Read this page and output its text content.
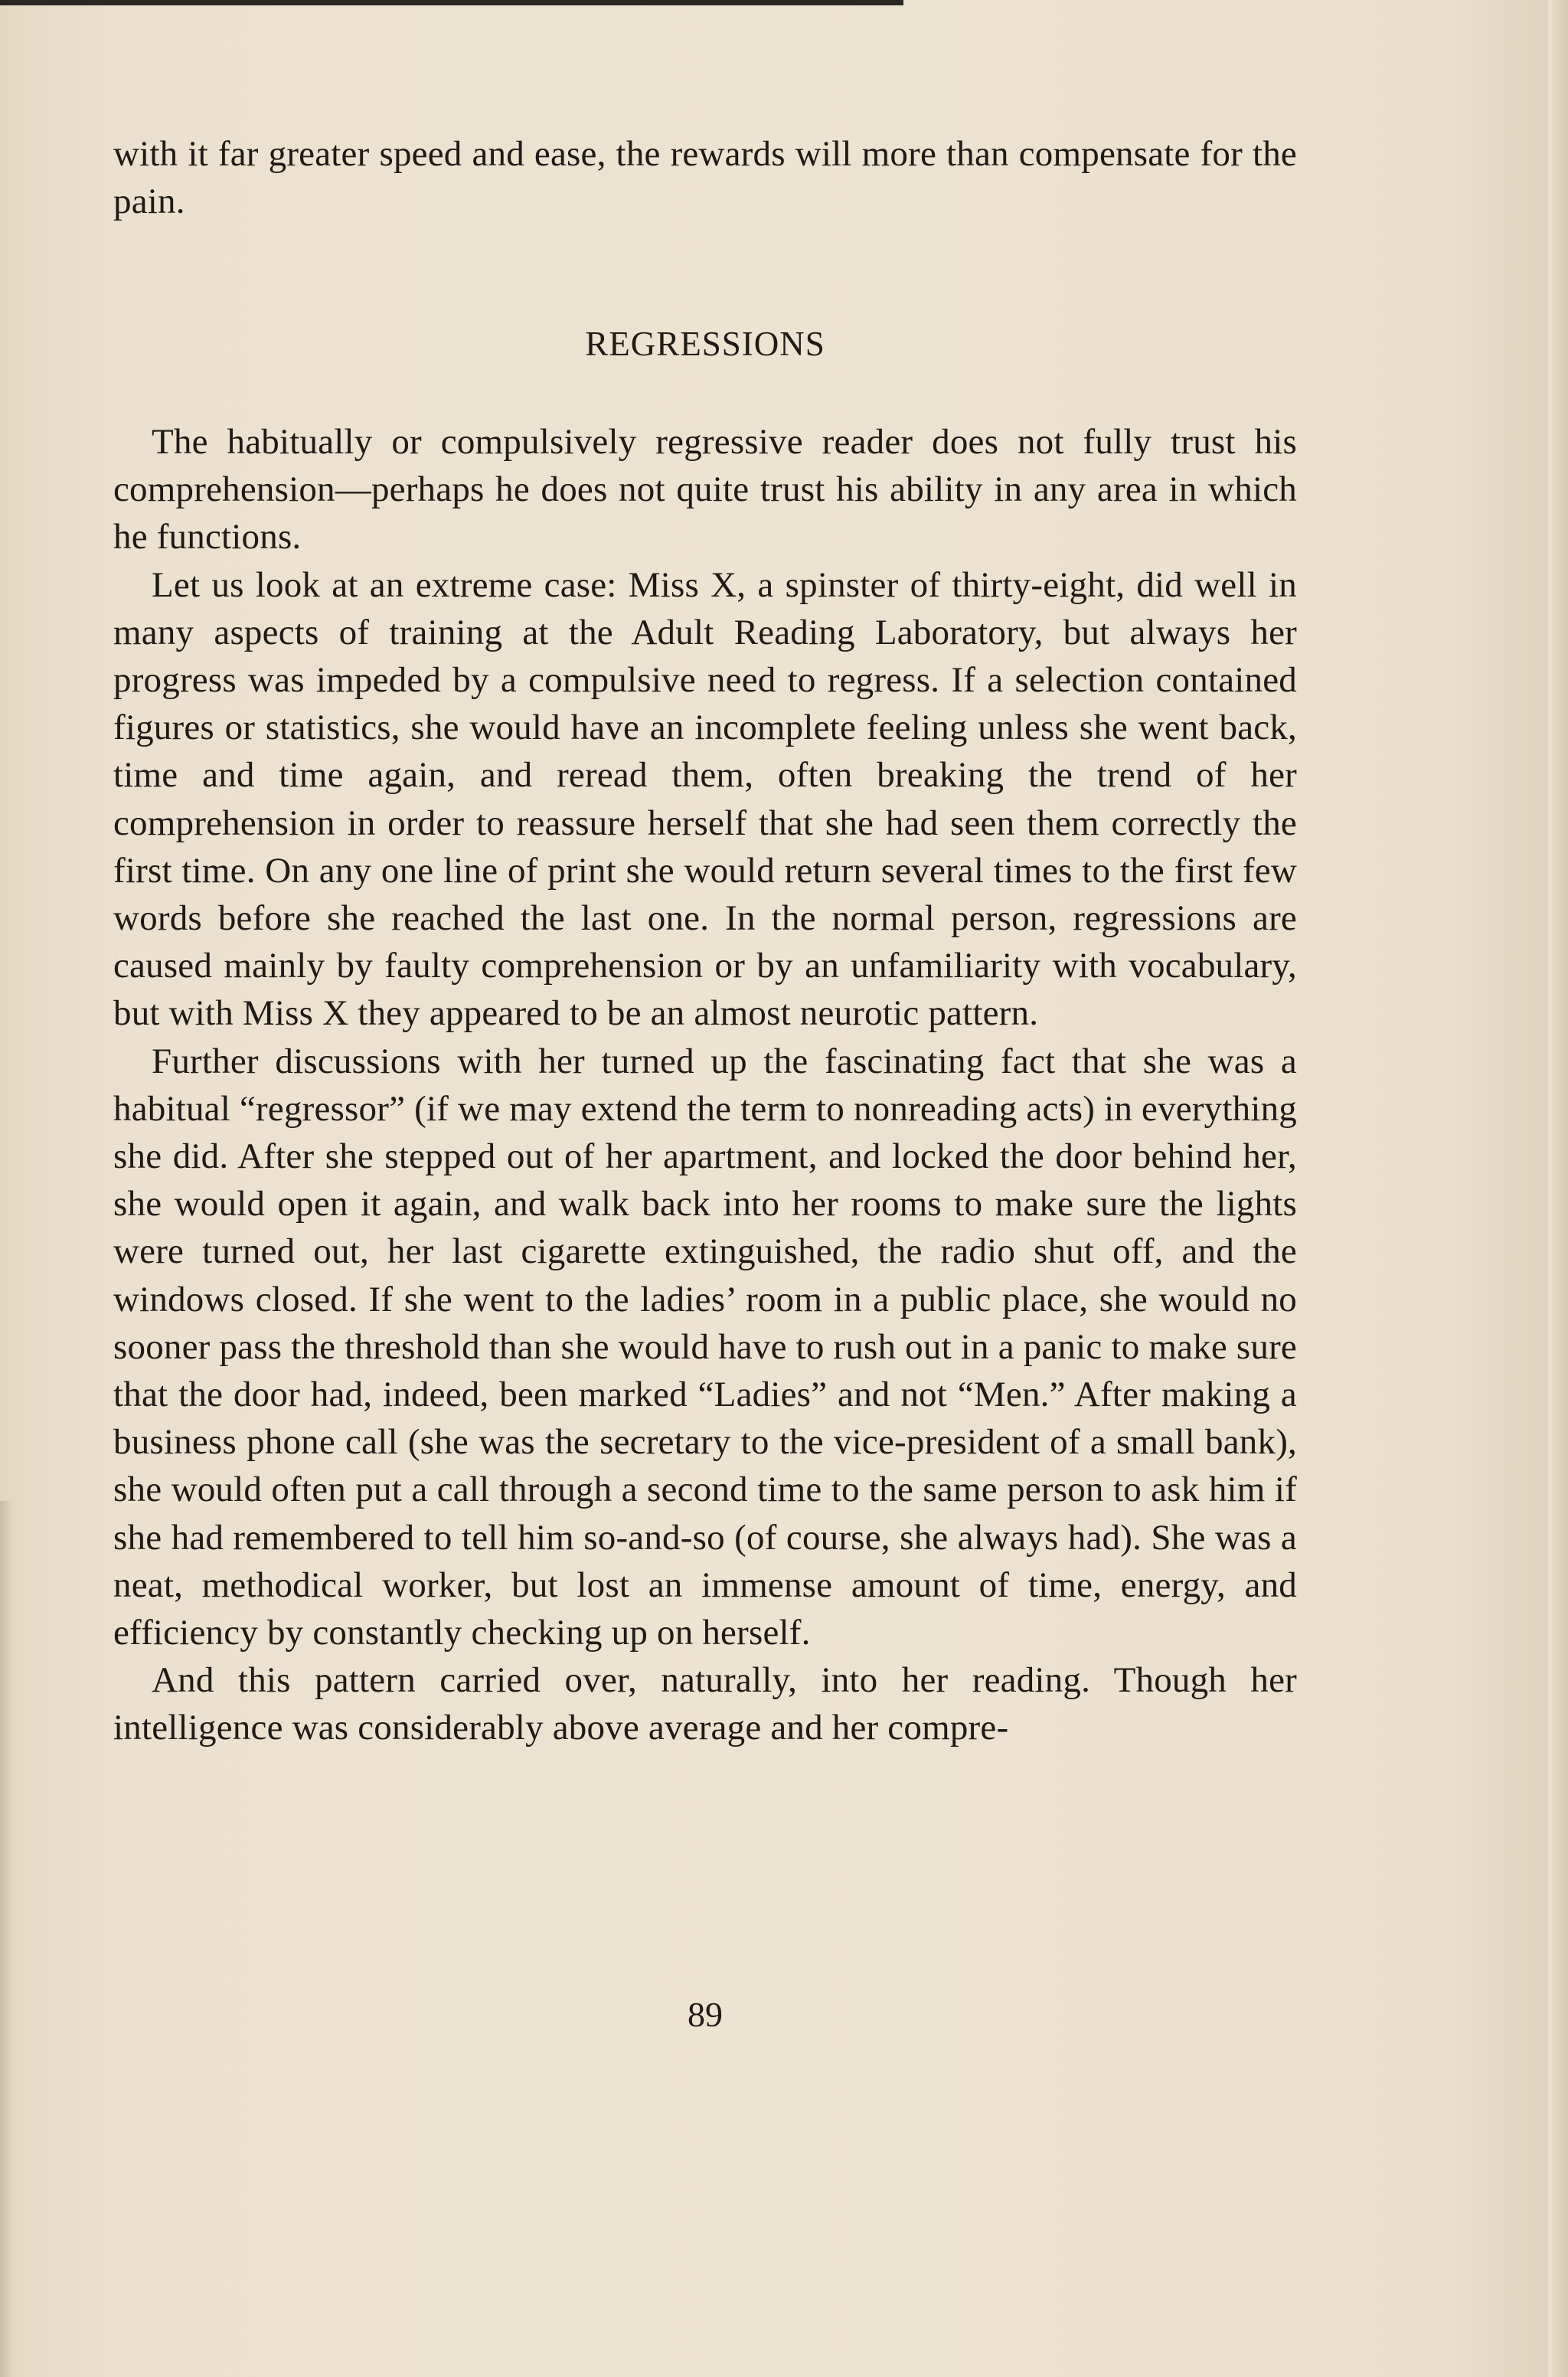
with it far greater speed and ease, the rewards will more than compensate for the pain.

REGRESSIONS

The habitually or compulsively regressive reader does not fully trust his comprehension—perhaps he does not quite trust his ability in any area in which he functions.

Let us look at an extreme case: Miss X, a spinster of thirty-eight, did well in many aspects of training at the Adult Reading Laboratory, but always her progress was impeded by a compulsive need to regress. If a selection contained figures or statistics, she would have an incomplete feeling unless she went back, time and time again, and reread them, often breaking the trend of her comprehension in order to reassure herself that she had seen them correctly the first time. On any one line of print she would return several times to the first few words before she reached the last one. In the normal person, regressions are caused mainly by faulty comprehension or by an unfamiliarity with vocabulary, but with Miss X they appeared to be an almost neurotic pattern.

Further discussions with her turned up the fascinating fact that she was a habitual “regressor” (if we may extend the term to nonreading acts) in everything she did. After she stepped out of her apartment, and locked the door behind her, she would open it again, and walk back into her rooms to make sure the lights were turned out, her last cigarette extinguished, the radio shut off, and the windows closed. If she went to the ladies’ room in a public place, she would no sooner pass the threshold than she would have to rush out in a panic to make sure that the door had, indeed, been marked “Ladies” and not “Men.” After making a business phone call (she was the secretary to the vice-president of a small bank), she would often put a call through a second time to the same person to ask him if she had remembered to tell him so-and-so (of course, she always had). She was a neat, methodical worker, but lost an immense amount of time, energy, and efficiency by constantly checking up on herself.

And this pattern carried over, naturally, into her reading. Though her intelligence was considerably above average and her compre-

89
